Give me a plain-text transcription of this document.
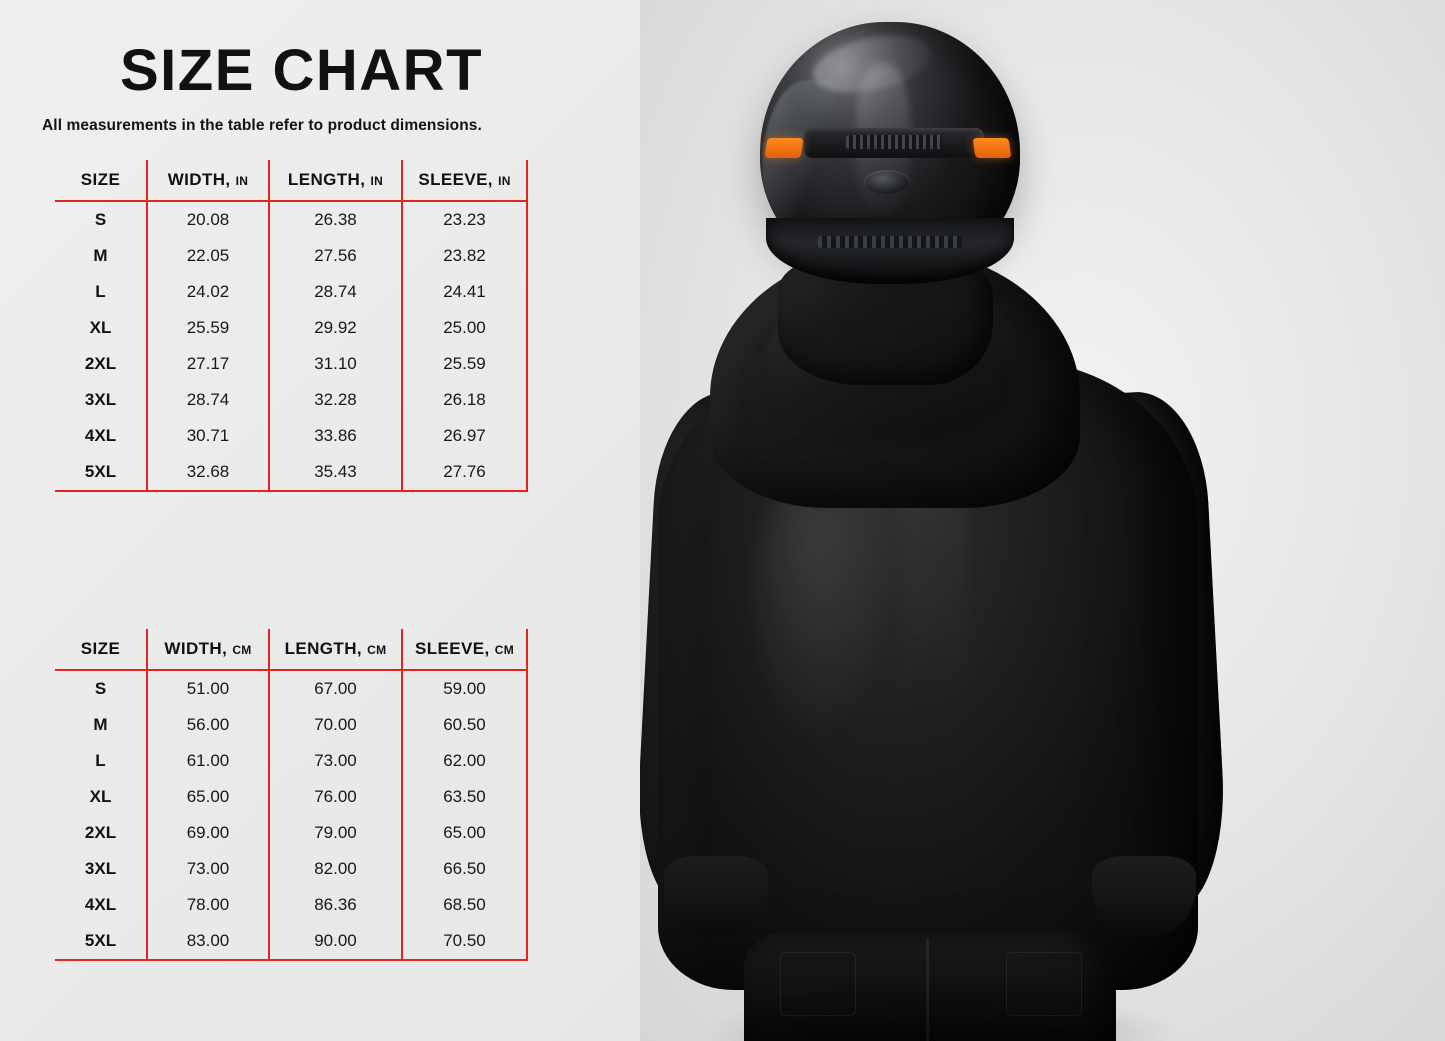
SIZE CHART
All measurements in the table refer to product dimensions.
SIZE	WIDTH, IN	LENGTH, IN	SLEEVE, IN
S	20.08	26.38	23.23
M	22.05	27.56	23.82
L	24.02	28.74	24.41
XL	25.59	29.92	25.00
2XL	27.17	31.10	25.59
3XL	28.74	32.28	26.18
4XL	30.71	33.86	26.97
5XL	32.68	35.43	27.76
SIZE	WIDTH, CM	LENGTH, CM	SLEEVE, CM
S	51.00	67.00	59.00
M	56.00	70.00	60.50
L	61.00	73.00	62.00
XL	65.00	76.00	63.50
2XL	69.00	79.00	65.00
3XL	73.00	82.00	66.50
4XL	78.00	86.36	68.50
5XL	83.00	90.00	70.50
